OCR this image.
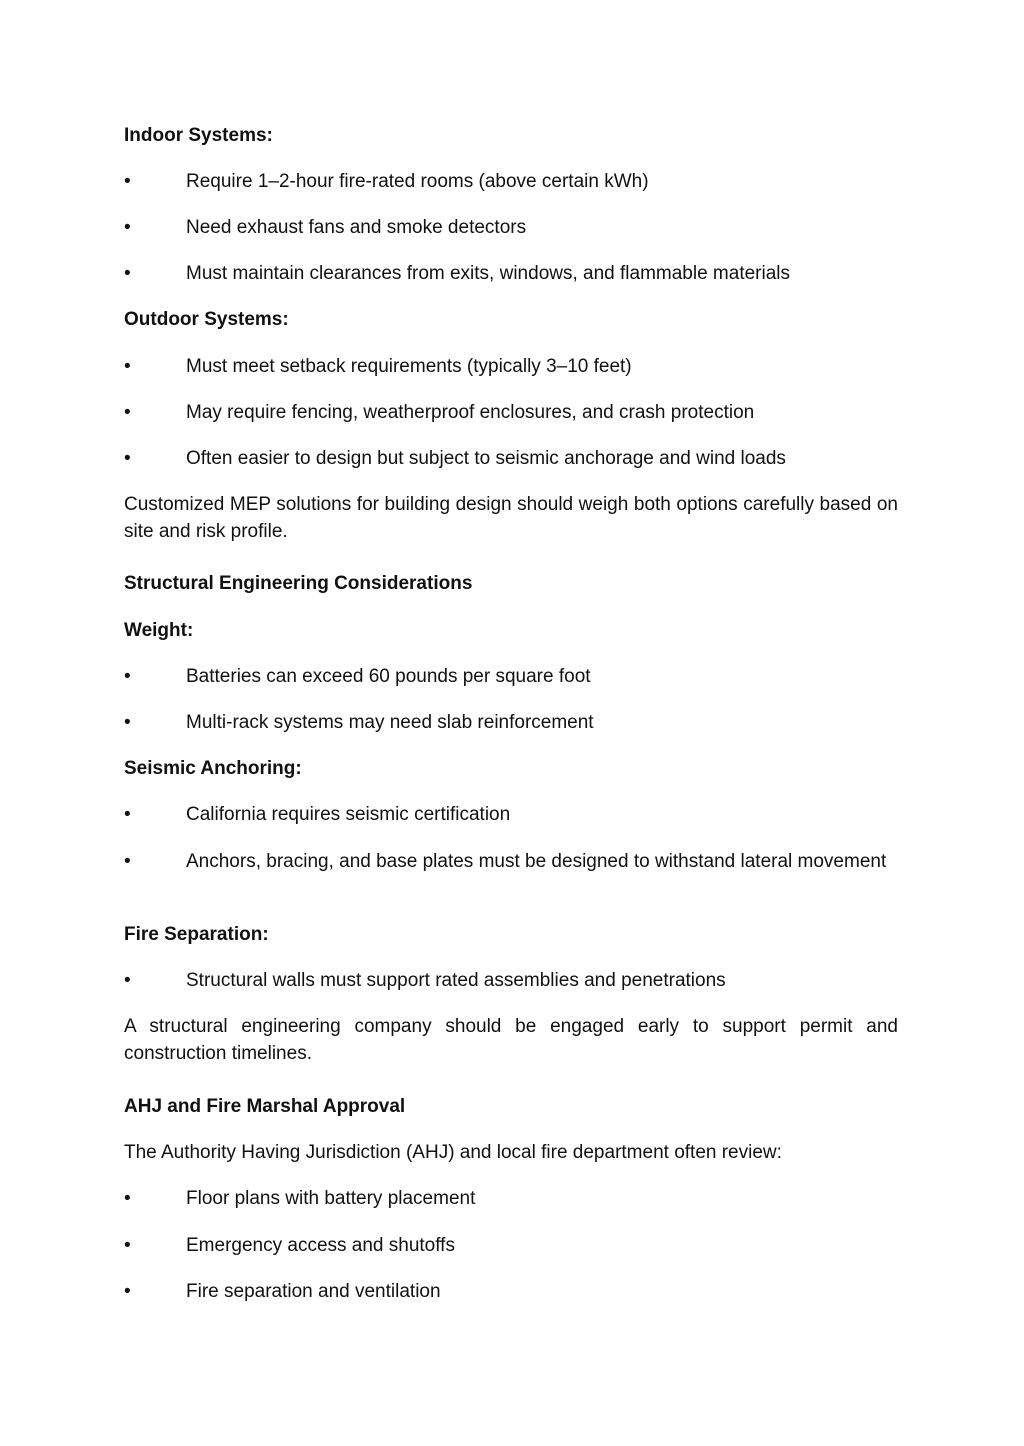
Indoor Systems:
•	Require 1–2-hour fire-rated rooms (above certain kWh)
•	Need exhaust fans and smoke detectors
•	Must maintain clearances from exits, windows, and flammable materials
Outdoor Systems:
•	Must meet setback requirements (typically 3–10 feet)
•	May require fencing, weatherproof enclosures, and crash protection
•	Often easier to design but subject to seismic anchorage and wind loads
Customized MEP solutions for building design should weigh both options carefully based on site and risk profile.
Structural Engineering Considerations
Weight:
•	Batteries can exceed 60 pounds per square foot
•	Multi-rack systems may need slab reinforcement
Seismic Anchoring:
•	California requires seismic certification
•	Anchors, bracing, and base plates must be designed to withstand lateral movement
Fire Separation:
•	Structural walls must support rated assemblies and penetrations
A structural engineering company should be engaged early to support permit and construction timelines.
AHJ and Fire Marshal Approval
The Authority Having Jurisdiction (AHJ) and local fire department often review:
•	Floor plans with battery placement
•	Emergency access and shutoffs
•	Fire separation and ventilation
